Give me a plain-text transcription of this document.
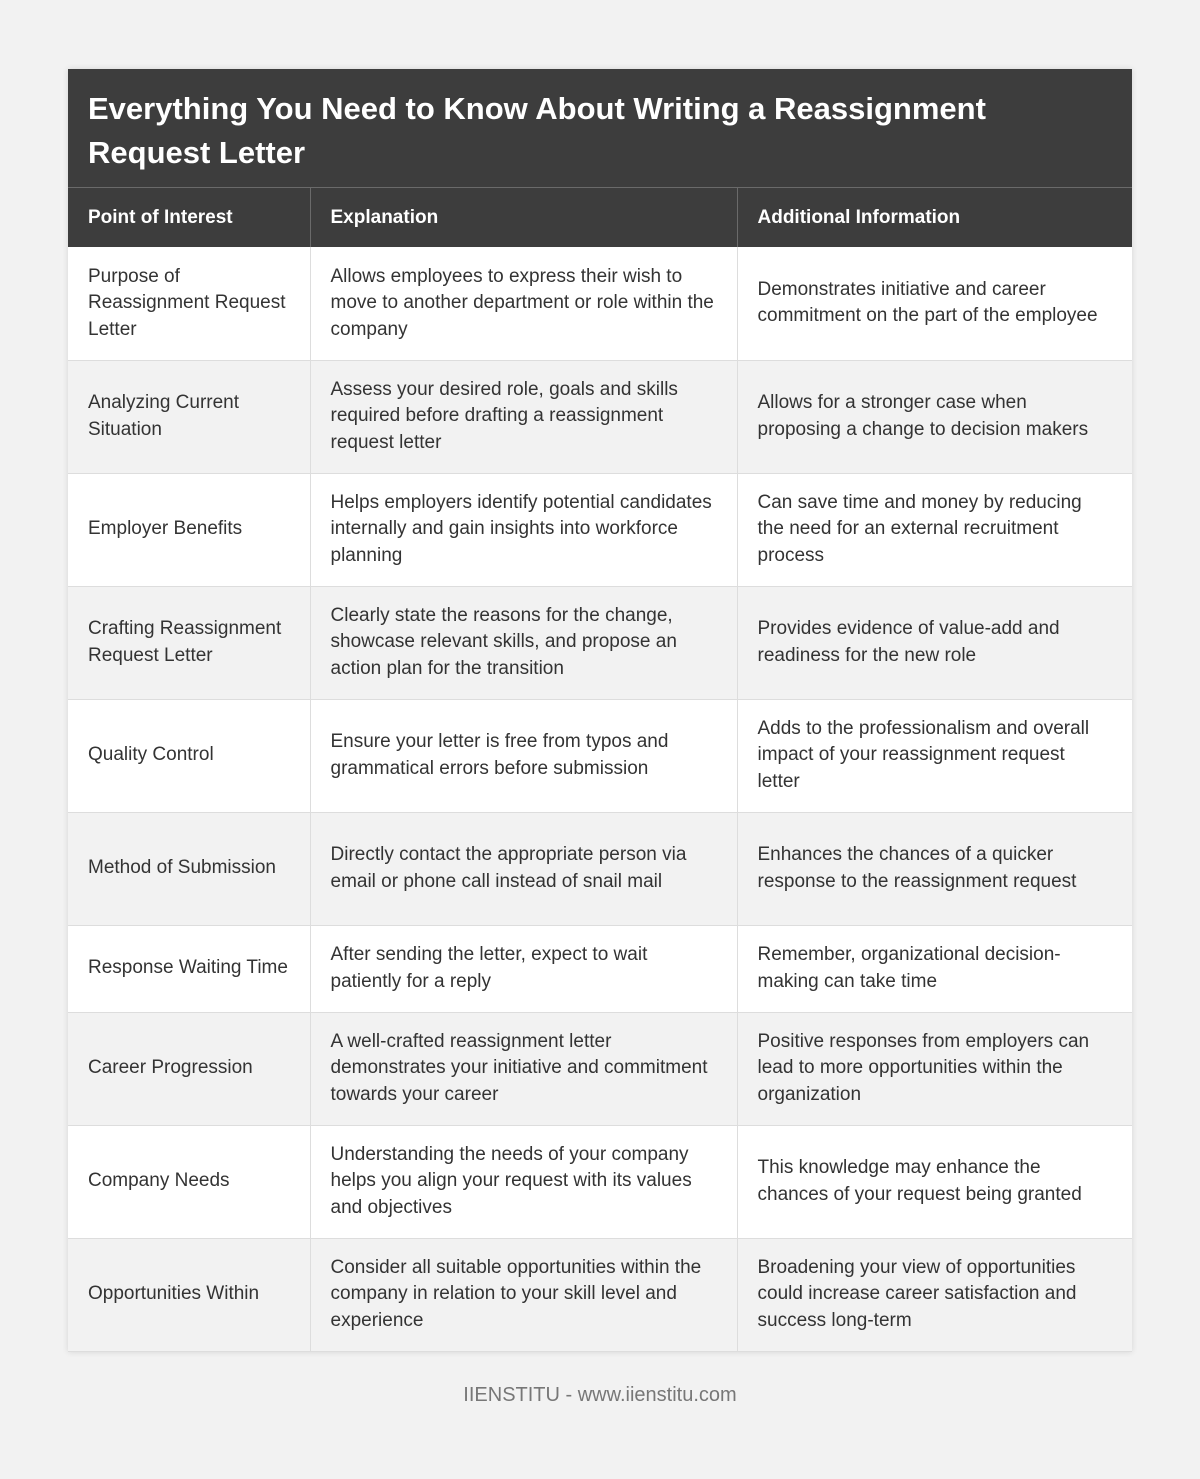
Everything You Need to Know About Writing a Reassignment Request Letter
Point of Interest	Explanation	Additional Information
Purpose of Reassignment Request Letter	Allows employees to express their wish to move to another department or role within the company	Demonstrates initiative and career commitment on the part of the employee
Analyzing Current Situation	Assess your desired role, goals and skills required before drafting a reassignment request letter	Allows for a stronger case when proposing a change to decision makers
Employer Benefits	Helps employers identify potential candidates internally and gain insights into workforce planning	Can save time and money by reducing the need for an external recruitment process
Crafting Reassignment Request Letter	Clearly state the reasons for the change, showcase relevant skills, and propose an action plan for the transition	Provides evidence of value-add and readiness for the new role
Quality Control	Ensure your letter is free from typos and grammatical errors before submission	Adds to the professionalism and overall impact of your reassignment request letter
Method of Submission	Directly contact the appropriate person via email or phone call instead of snail mail	Enhances the chances of a quicker response to the reassignment request
Response Waiting Time	After sending the letter, expect to wait patiently for a reply	Remember, organizational decision-making can take time
Career Progression	A well-crafted reassignment letter demonstrates your initiative and commitment towards your career	Positive responses from employers can lead to more opportunities within the organization
Company Needs	Understanding the needs of your company helps you align your request with its values and objectives	This knowledge may enhance the chances of your request being granted
Opportunities Within	Consider all suitable opportunities within the company in relation to your skill level and experience	Broadening your view of opportunities could increase career satisfaction and success long-term
IIENSTITU - www.iienstitu.com
